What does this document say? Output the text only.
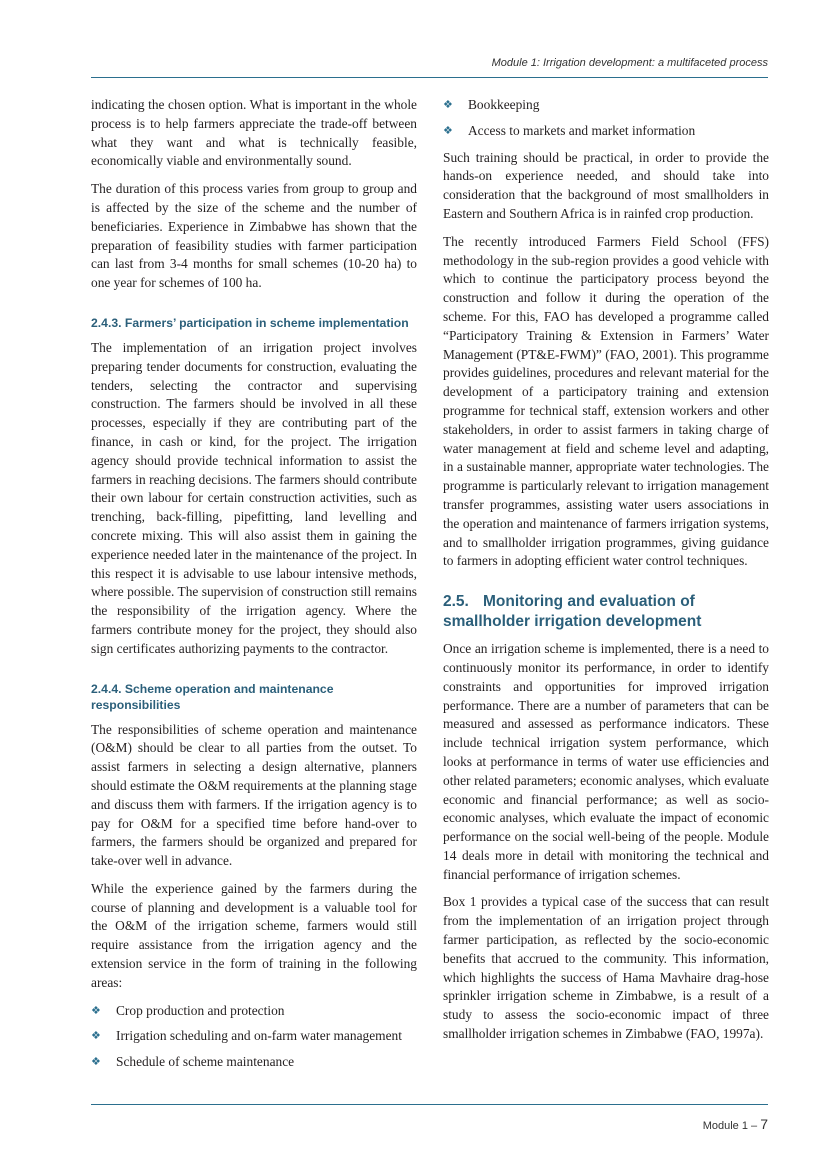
Module 1: Irrigation development: a multifaceted process

indicating the chosen option. What is important in the whole process is to help farmers appreciate the trade-off between what they want and what is technically feasible, economically viable and environmentally sound.

The duration of this process varies from group to group and is affected by the size of the scheme and the number of beneficiaries. Experience in Zimbabwe has shown that the preparation of feasibility studies with farmer participation can last from 3-4 months for small schemes (10-20 ha) to one year for schemes of 100 ha.

2.4.3. Farmers’ participation in scheme implementation

The implementation of an irrigation project involves preparing tender documents for construction, evaluating the tenders, selecting the contractor and supervising construction. The farmers should be involved in all these processes, especially if they are contributing part of the finance, in cash or kind, for the project. The irrigation agency should provide technical information to assist the farmers in reaching decisions. The farmers should contribute their own labour for certain construction activities, such as trenching, back-filling, pipefitting, land levelling and concrete mixing. This will also assist them in gaining the experience needed later in the maintenance of the project. In this respect it is advisable to use labour intensive methods, where possible. The supervision of construction still remains the responsibility of the irrigation agency. Where the farmers contribute money for the project, they should also sign certificates authorizing payments to the contractor.

2.4.4. Scheme operation and maintenance responsibilities

The responsibilities of scheme operation and maintenance (O&M) should be clear to all parties from the outset. To assist farmers in selecting a design alternative, planners should estimate the O&M requirements at the planning stage and discuss them with farmers. If the irrigation agency is to pay for O&M for a specified time before hand-over to farmers, the farmers should be organized and prepared for take-over well in advance.

While the experience gained by the farmers during the course of planning and development is a valuable tool for the O&M of the irrigation scheme, farmers would still require assistance from the irrigation agency and the extension service in the form of training in the following areas:

❖	Crop production and protection
❖	Irrigation scheduling and on-farm water management
❖	Schedule of scheme maintenance
❖	Bookkeeping
❖	Access to markets and market information

Such training should be practical, in order to provide the hands-on experience needed, and should take into consideration that the background of most smallholders in Eastern and Southern Africa is in rainfed crop production.

The recently introduced Farmers Field School (FFS) methodology in the sub-region provides a good vehicle with which to continue the participatory process beyond the construction and follow it during the operation of the scheme. For this, FAO has developed a programme called “Participatory Training & Extension in Farmers’ Water Management (PT&E-FWM)” (FAO, 2001). This programme provides guidelines, procedures and relevant material for the development of a participatory training and extension programme for technical staff, extension workers and other stakeholders, in order to assist farmers in taking charge of water management at field and scheme level and adapting, in a sustainable manner, appropriate water technologies. The programme is particularly relevant to irrigation management transfer programmes, assisting water users associations in the operation and maintenance of farmers irrigation systems, and to smallholder irrigation programmes, giving guidance to farmers in adopting efficient water control techniques.

2.5. Monitoring and evaluation of smallholder irrigation development

Once an irrigation scheme is implemented, there is a need to continuously monitor its performance, in order to identify constraints and opportunities for improved irrigation performance. There are a number of parameters that can be measured and assessed as performance indicators. These include technical irrigation system performance, which looks at performance in terms of water use efficiencies and other related parameters; economic analyses, which evaluate economic and financial performance; as well as socio-economic analyses, which evaluate the impact of economic performance on the social well-being of the people. Module 14 deals more in detail with monitoring the technical and financial performance of irrigation schemes.

Box 1 provides a typical case of the success that can result from the implementation of an irrigation project through farmer participation, as reflected by the socio-economic benefits that accrued to the community. This information, which highlights the success of Hama Mavhaire drag-hose sprinkler irrigation scheme in Zimbabwe, is a result of a study to assess the socio-economic impact of three smallholder irrigation schemes in Zimbabwe (FAO, 1997a).

Module 1 – 7
